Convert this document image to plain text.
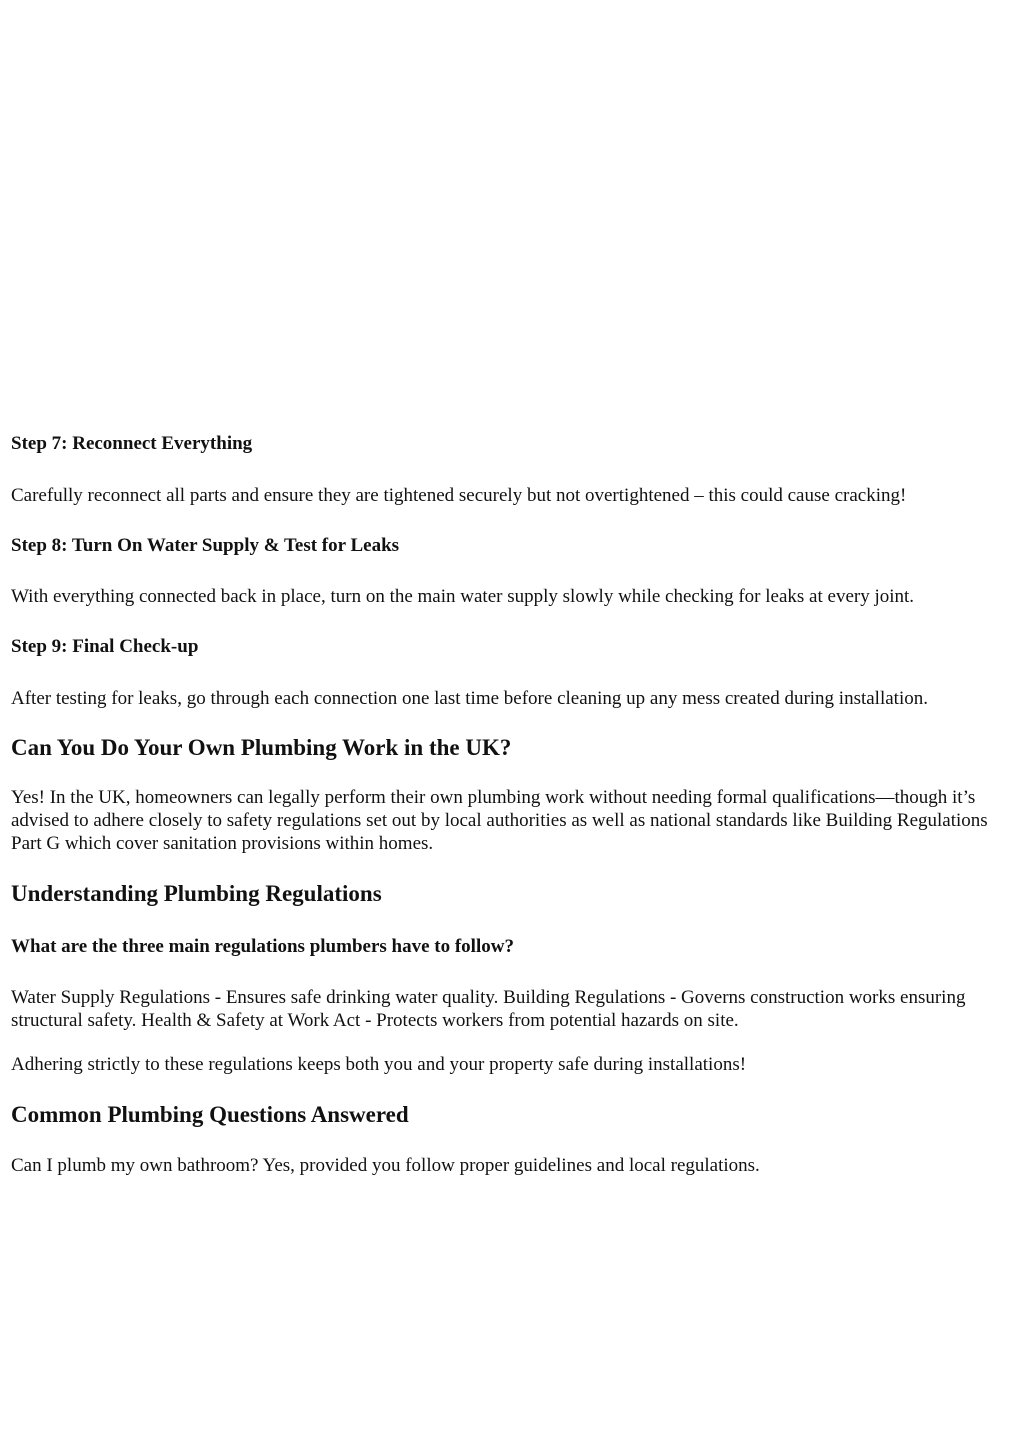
Step 7: Reconnect Everything

Carefully reconnect all parts and ensure they are tightened securely but not overtightened – this could cause cracking!

Step 8: Turn On Water Supply & Test for Leaks

With everything connected back in place, turn on the main water supply slowly while checking for leaks at every joint.

Step 9: Final Check-up

After testing for leaks, go through each connection one last time before cleaning up any mess created during installation.

Can You Do Your Own Plumbing Work in the UK?

Yes! In the UK, homeowners can legally perform their own plumbing work without needing formal qualifications—though it’s advised to adhere closely to safety regulations set out by local authorities as well as national standards like Building Regulations Part G which cover sanitation provisions within homes.

Understanding Plumbing Regulations
What are the three main regulations plumbers have to follow?

Water Supply Regulations - Ensures safe drinking water quality. Building Regulations - Governs construction works ensuring structural safety. Health & Safety at Work Act - Protects workers from potential hazards on site.

Adhering strictly to these regulations keeps both you and your property safe during installations!

Common Plumbing Questions Answered

Can I plumb my own bathroom? Yes, provided you follow proper guidelines and local regulations.
